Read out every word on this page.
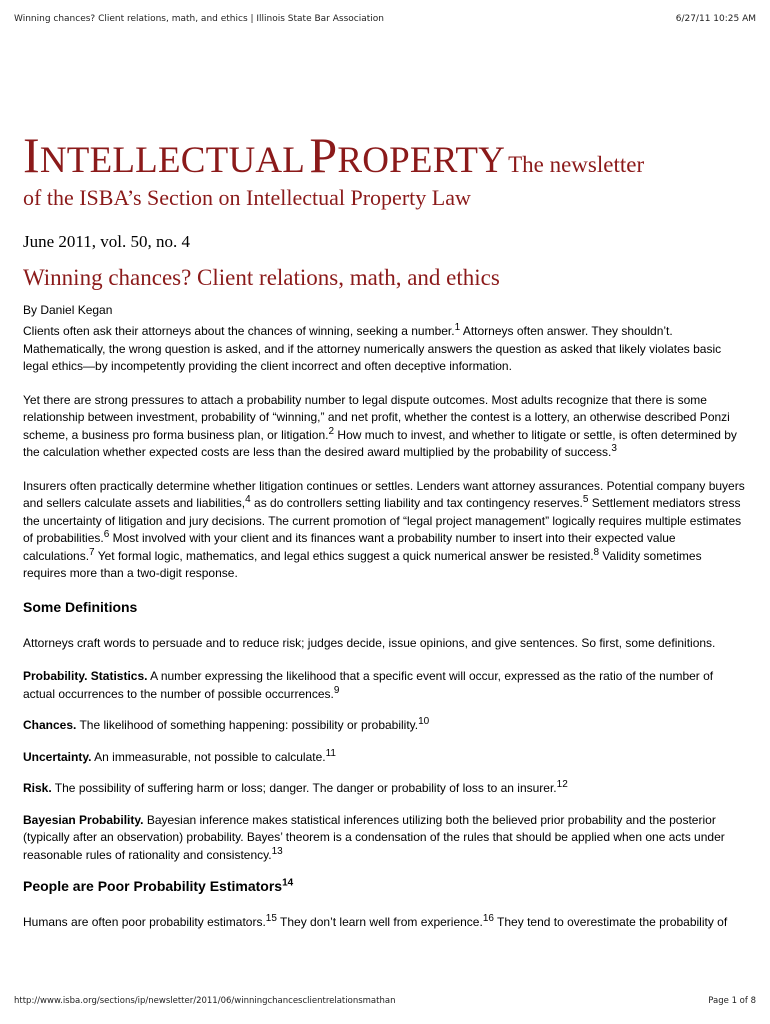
Winning chances? Client relations, math, and ethics | Illinois State Bar Association	6/27/11 10:25 AM
INTELLECTUAL PROPERTY The newsletter
of the ISBA’s Section on Intellectual Property Law
June 2011, vol. 50, no. 4
Winning chances? Client relations, math, and ethics
By Daniel Kegan

Clients often ask their attorneys about the chances of winning, seeking a number.$^1$ Attorneys often answer. They shouldn’t. Mathematically, the wrong question is asked, and if the attorney numerically answers the question as asked that likely violates basic legal ethics—by incompetently providing the client incorrect and often deceptive information.

Yet there are strong pressures to attach a probability number to legal dispute outcomes. Most adults recognize that there is some relationship between investment, probability of “winning,” and net profit, whether the contest is a lottery, an otherwise described Ponzi scheme, a business pro forma business plan, or litigation.$^2$ How much to invest, and whether to litigate or settle, is often determined by the calculation whether expected costs are less than the desired award multiplied by the probability of success.$^3$

Insurers often practically determine whether litigation continues or settles. Lenders want attorney assurances. Potential company buyers and sellers calculate assets and liabilities,$^4$ as do controllers setting liability and tax contingency reserves.$^5$ Settlement mediators stress the uncertainty of litigation and jury decisions. The current promotion of “legal project management” logically requires multiple estimates of probabilities.$^6$ Most involved with your client and its finances want a probability number to insert into their expected value calculations.$^7$ Yet formal logic, mathematics, and legal ethics suggest a quick numerical answer be resisted.$^8$ Validity sometimes requires more than a two-digit response.

Some Definitions

Attorneys craft words to persuade and to reduce risk; judges decide, issue opinions, and give sentences. So first, some definitions.

Probability. Statistics. A number expressing the likelihood that a specific event will occur, expressed as the ratio of the number of actual occurrences to the number of possible occurrences.$^9$

Chances. The likelihood of something happening: possibility or probability.$^{10}$

Uncertainty. An immeasurable, not possible to calculate.$^{11}$

Risk. The possibility of suffering harm or loss; danger. The danger or probability of loss to an insurer.$^{12}$

Bayesian Probability. Bayesian inference makes statistical inferences utilizing both the believed prior probability and the posterior (typically after an observation) probability. Bayes’ theorem is a condensation of the rules that should be applied when one acts under reasonable rules of rationality and consistency.$^{13}$

People are Poor Probability Estimators$^{14}$

Humans are often poor probability estimators.$^{15}$ They don’t learn well from experience.$^{16}$ They tend to overestimate the probability of

http://www.isba.org/sections/ip/newsletter/2011/06/winningchancesclientrelationsmathan	Page 1 of 8
